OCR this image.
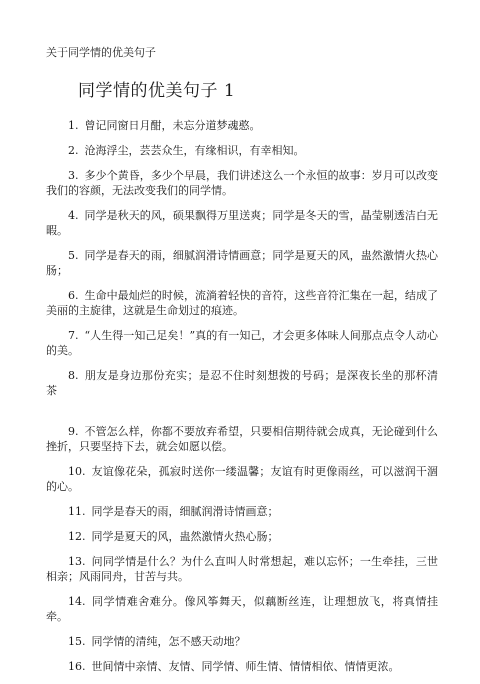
关于同学情的优美句子
同学情的优美句子 1

1. 曾记同窗日月酣，未忘分道梦魂憨。

2. 沧海浮尘，芸芸众生，有缘相识，有幸相知。

3. 多少个黄昏，多少个早晨，我们讲述这么一个永恒的故事：岁月可以改变我们的容颜，无法改变我们的同学情。

4. 同学是秋天的风，硕果飘得万里送爽；同学是冬天的雪，晶莹剔透洁白无暇。

5. 同学是春天的雨，细腻润滑诗情画意；同学是夏天的风，蛊然激情火热心肠；

6. 生命中最灿烂的时候，流淌着轻快的音符，这些音符汇集在一起，结成了美丽的主旋律，这就是生命划过的痕迹。

7. “人生得一知己足矣！”真的有一知己，才会更多体味人间那点点令人动心的美。

8. 朋友是身边那份充实；是忍不住时刻想拨的号码；是深夜长坐的那杯清 茶

9. 不管怎么样，你都不要放弃希望，只要相信期待就会成真，无论碰到什么挫折，只要坚持下去，就会如愿以偿。

10. 友谊像花朵，孤寂时送你一缕温馨；友谊有时更像雨丝，可以滋润干涸的心。

11. 同学是春天的雨，细腻润滑诗情画意；

12. 同学是夏天的风，蛊然激情火热心肠；

13. 问同学情是什么？为什么直叫人时常想起，难以忘怀；一生牵挂，三世相亲；风雨同舟，甘苦与共。

14. 同学情难舍难分。像风筝舞天，似藕断丝连，让理想放飞，将真情挂牵。

15. 同学情的清纯，怎不感天动地？

16. 世间情中亲情、友情、同学情、师生情、情情相依、情情更浓。
